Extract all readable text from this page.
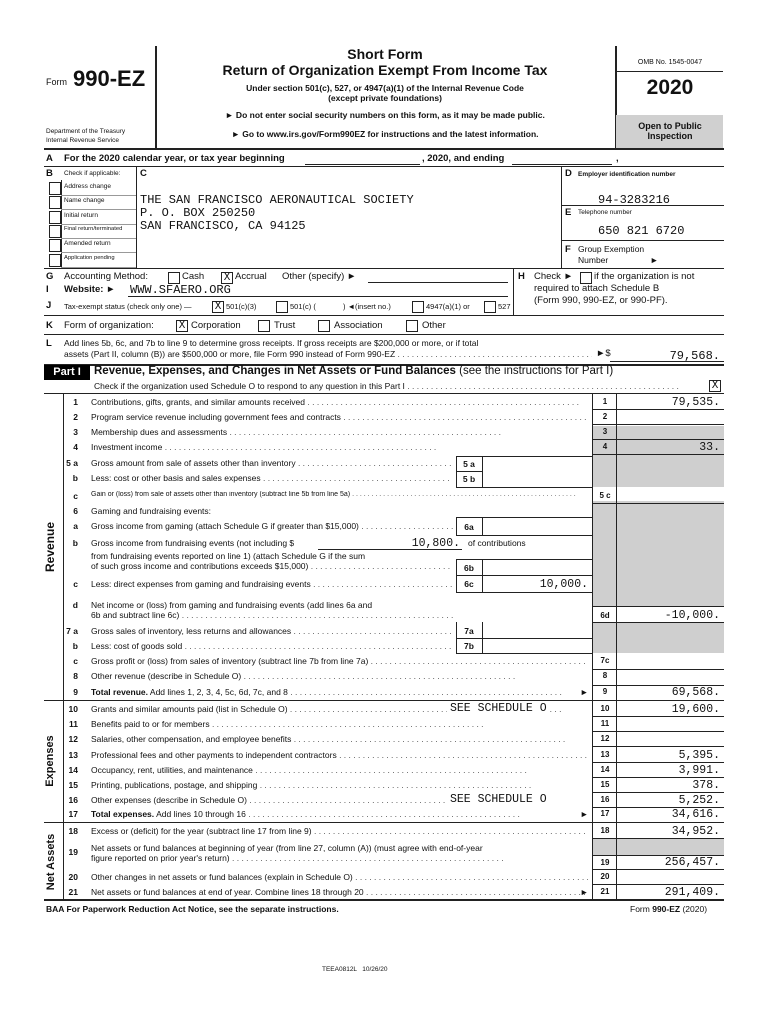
Form 990-EZ
Department of the Treasury
Internal Revenue Service
Short Form
Return of Organization Exempt From Income Tax
Under section 501(c), 527, or 4947(a)(1) of the Internal Revenue Code
(except private foundations)
► Do not enter social security numbers on this form, as it may be made public.
► Go to www.irs.gov/Form990EZ for instructions and the latest information.
OMB No. 1545-0047
2020
Open to Public Inspection
A For the 2020 calendar year, or tax year beginning	, 2020, and ending	,
B Check if applicable:
Address change
Name change
Initial return
Final return/terminated
Amended return
Application pending
C
THE SAN FRANCISCO AERONAUTICAL SOCIETY
P. O. BOX 250250
SAN FRANCISCO, CA 94125
D Employer identification number
94-3283216
E Telephone number
650 821 6720
F Group Exemption
Number	►
G Accounting Method:	Cash X Accrual Other (specify) ►	H Check ► if the organization is not
required to attach Schedule B
(Form 990, 990-EZ, or 990-PF).
I Website: ► WWW.SFAERO.ORG
J Tax-exempt status (check only one) — X 501(c)(3)	501(c) (	) ◄(insert no.)	4947(a)(1) or	527
K Form of organization: X Corporation	Trust	Association	Other
L Add lines 5b, 6c, and 7b to line 9 to determine gross receipts. If gross receipts are $200,000 or more, or if total
assets (Part II, column (B)) are $500,000 or more, file Form 990 instead of Form 990-EZ . . .	►$	79,568.
Part I	Revenue, Expenses, and Changes in Net Assets or Fund Balances (see the instructions for Part I)
Check if the organization used Schedule O to respond to any question in this Part I . . .	X
Revenue
Expenses
Net Assets
1 Contributions, gifts, grants, and similar amounts received . . .	1	79,535.
2 Program service revenue including government fees and contracts . . .	2
3 Membership dues and assessments . . .	3
4 Investment income . . .	4	33.
5 a Gross amount from sale of assets other than inventory . . .
b Less: cost or other basis and sales expenses . . .
5 a
5 b
c Gain or (loss) from sale of assets other than inventory (subtract line 5b from line 5a) . . .	5 c
6 Gaming and fundraising events:
a Gross income from gaming (attach Schedule G if greater than $15,000) . . .	6a
b Gross income from fundraising events (not including $	10,800. of contributions
from fundraising events reported on line 1) (attach Schedule G if the sum
of such gross income and contributions exceeds $15,000) . . .	6b
c Less: direct expenses from gaming and fundraising events . . .	6c	10,000.
d Net income or (loss) from gaming and fundraising events (add lines 6a and
6b and subtract line 6c) . . .	6d	-10,000.
7 a Gross sales of inventory, less returns and allowances . . .
b Less: cost of goods sold . . .
7a
7b
c Gross profit or (loss) from sales of inventory (subtract line 7b from line 7a) . . .	7c
8 Other revenue (describe in Schedule O) . . .	8
9 Total revenue. Add lines 1, 2, 3, 4, 5c, 6d, 7c, and 8 . . .	9	69,568.
►
10 Grants and similar amounts paid (list in Schedule O) . . .	SEE SCHEDULE O	10	19,600.
11 Benefits paid to or for members . . .	11
12 Salaries, other compensation, and employee benefits . . .	12
13 Professional fees and other payments to independent contractors . . .	13	5,395.
14 Occupancy, rent, utilities, and maintenance . . .	14	3,991.
15 Printing, publications, postage, and shipping . . .	15	378.
16 Other expenses (describe in Schedule O) . . .	SEE SCHEDULE O	16	5,252.
17 Total expenses. Add lines 10 through 16 . . .	17	34,616.
►
18 Excess or (deficit) for the year (subtract line 17 from line 9) . . .	18	34,952.
19 Net assets or fund balances at beginning of year (from line 27, column (A)) (must agree with end-of-year
figure reported on prior year's return) . . .	19	256,457.
20 Other changes in net assets or fund balances (explain in Schedule O) . . .	20
21 Net assets or fund balances at end of year. Combine lines 18 through 20 . . .	21	291,409.
►
BAA For Paperwork Reduction Act Notice, see the separate instructions.	Form 990-EZ (2020)
TEEA0812L   10/26/20
